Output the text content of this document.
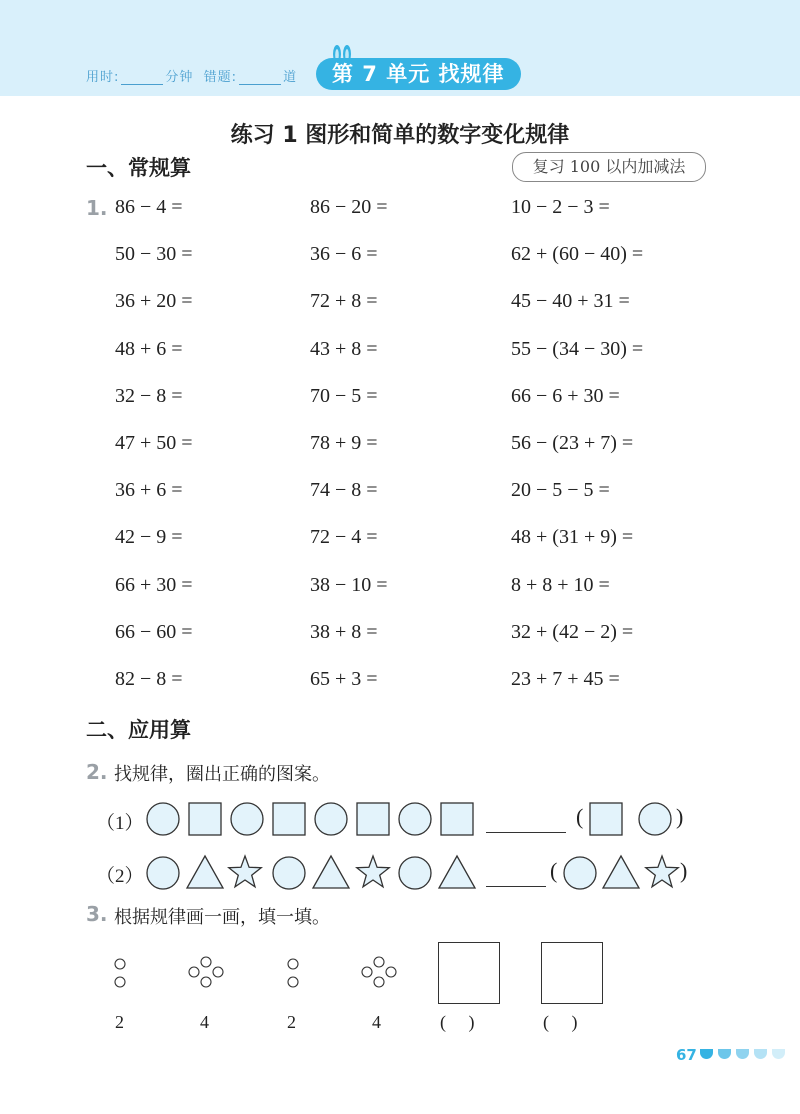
用时:	分钟 错题:	道	第 7 单元 找规律
练习 1 图形和简单的数字变化规律
一、常规算	复习 100 以内加减法
1. 86 − 4 =	86 − 20 =	10 − 2 − 3 =
50 − 30 =	36 − 6 =	62 + (60 − 40) =
36 + 20 =	72 + 8 =	45 − 40 + 31 =
48 + 6 =	43 + 8 =	55 − (34 − 30) =
32 − 8 =	70 − 5 =	66 − 6 + 30 =
47 + 50 =	78 + 9 =	56 − (23 + 7) =
36 + 6 =	74 − 8 =	20 − 5 − 5 =
42 − 9 =	72 − 4 =	48 + (31 + 9) =
66 + 30 =	38 − 10 =	8 + 8 + 10 =
66 − 60 =	38 + 8 =	32 + (42 − 2) =
82 − 8 =	65 + 3 =	23 + 7 + 45 =
二、应用算
2. 找规律，圈出正确的图案。
（1）
（2）
(	)
(	)
3. 根据规律画一画，填一填。
2	4	2	4	(     )	(     )
67
